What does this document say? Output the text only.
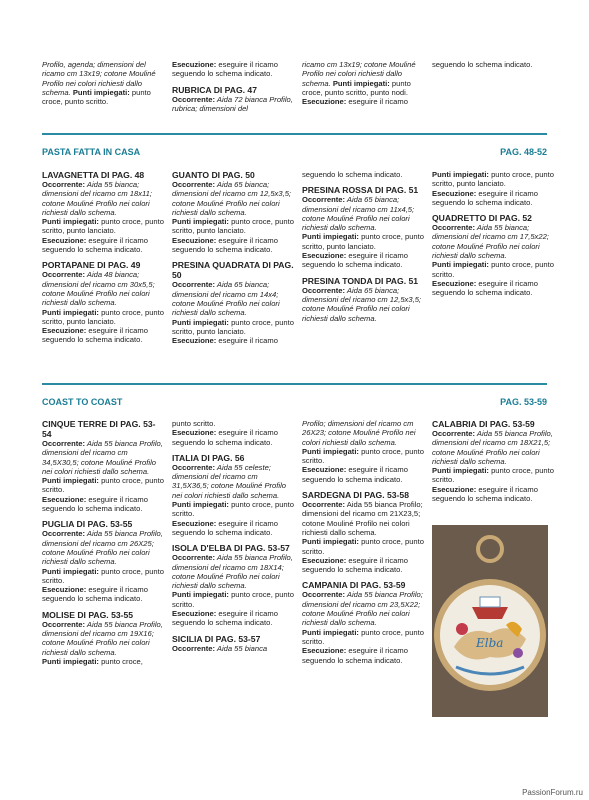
Profilo, agenda; dimensioni del ricamo cm 13x19; cotone Mouliné Profilo nei colori richiesti dallo schema. Punti impiegati: punto croce, punto scritto.

Esecuzione: eseguire il ricamo seguendo lo schema indicato.

RUBRICA DI PAG. 47

Occorrente: Aida 72 bianca Profilo, rubrica; dimensioni del

ricamo cm 13x19; cotone Mouliné Profilo nei colori richiesti dallo schema. Punti impiegati: punto croce, punto scritto, punto nodi. Esecuzione: eseguire il ricamo

seguendo lo schema indicato.

PASTA FATTA IN CASA	PAG. 48-52
LAVAGNETTA DI PAG. 48

Occorrente: Aida 55 bianca; dimensioni del ricamo cm 18x11; cotone Mouliné Profilo nei colori richiesti dallo schema.
Punti impiegati: punto croce, punto scritto, punto lanciato.
Esecuzione: eseguire il ricamo seguendo lo schema indicato.

PORTAPANE DI PAG. 49

Occorrente: Aida 48 bianca; dimensioni del ricamo cm 30x5,5; cotone Mouliné Profilo nei colori richiesti dallo schema.
Punti impiegati: punto croce, punto scritto, punto lanciato.
Esecuzione: eseguire il ricamo seguendo lo schema indicato.

GUANTO DI PAG. 50

Occorrente: Aida 65 bianca; dimensioni del ricamo cm 12,5x3,5; cotone Mouliné Profilo nei colori richiesti dallo schema.
Punti impiegati: punto croce, punto scritto, punto lanciato.
Esecuzione: eseguire il ricamo seguendo lo schema indicato.

PRESINA QUADRATA DI PAG. 50

Occorrente: Aida 65 bianca; dimensioni del ricamo cm 14x4; cotone Mouliné Profilo nei colori richiesti dallo schema.
Punti impiegati: punto croce, punto scritto, punto lanciato.
Esecuzione: eseguire il ricamo

seguendo lo schema indicato.

PRESINA ROSSA DI PAG. 51

Occorrente: Aida 65 bianca; dimensioni del ricamo cm 11x4,5; cotone Mouliné Profilo nei colori richiesti dallo schema.
Punti impiegati: punto croce, punto scritto, punto lanciato.
Esecuzione: eseguire il ricamo seguendo lo schema indicato.

PRESINA TONDA DI PAG. 51

Occorrente: Aida 65 bianca; dimensioni del ricamo cm 12,5x3,5; cotone Mouliné Profilo nei colori richiesti dallo schema.

Punti impiegati: punto croce, punto scritto, punto lanciato.
Esecuzione: eseguire il ricamo seguendo lo schema indicato.

QUADRETTO DI PAG. 52

Occorrente: Aida 55 bianca; dimensioni del ricamo cm 17,5x22; cotone Mouliné Profilo nei colori richiesti dallo schema.
Punti impiegati: punto croce, punto scritto.
Esecuzione: eseguire il ricamo seguendo lo schema indicato.

COAST TO COAST	PAG. 53-59
CINQUE TERRE DI PAG. 53-54

Occorrente: Aida 55 bianca Profilo, dimensioni del ricamo cm 34,5X30,5; cotone Mouliné Profilo nei colori richiesti dallo schema.
Punti impiegati: punto croce, punto scritto.
Esecuzione: eseguire il ricamo seguendo lo schema indicato.

PUGLIA DI PAG. 53-55

Occorrente: Aida 55 bianca Profilo, dimensioni del ricamo cm 26X25; cotone Mouliné Profilo nei colori richiesti dallo schema.
Punti impiegati: punto croce, punto scritto.
Esecuzione: eseguire il ricamo seguendo lo schema indicato.

MOLISE DI PAG. 53-55

Occorrente: Aida 55 bianca Profilo, dimensioni del ricamo cm 19X16; cotone Mouliné Profilo nei colori richiesti dallo schema.
Punti impiegati: punto croce,

punto scritto.
Esecuzione: eseguire il ricamo seguendo lo schema indicato.

ITALIA DI PAG. 56

Occorrente: Aida 55 celeste; dimensioni del ricamo cm 31,5X36,5; cotone Mouliné Profilo nei colori richiesti dallo schema.
Punti impiegati: punto croce, punto scritto.
Esecuzione: eseguire il ricamo seguendo lo schema indicato.

ISOLA D'ELBA DI PAG. 53-57

Occorrente: Aida 55 bianca Profilo, dimensioni del ricamo cm 18X14; cotone Mouliné Profilo nei colori richiesti dallo schema.
Punti impiegati: punto croce, punto scritto.
Esecuzione: eseguire il ricamo seguendo lo schema indicato.

SICILIA DI PAG. 53-57

Occorrente: Aida 55 bianca

Profilo; dimensioni del ricamo cm 26X23; cotone Mouliné Profilo nei colori richiesti dallo schema.
Punti impiegati: punto croce, punto scritto.
Esecuzione: eseguire il ricamo seguendo lo schema indicato.

SARDEGNA DI PAG. 53-58

Occorrente: Aida 55 bianca Profilo; dimensioni del ricamo cm 21X23,5; cotone Mouliné Profilo nei colori richiesti dallo schema.
Punti impiegati: punto croce, punto scritto.
Esecuzione: eseguire il ricamo seguendo lo schema indicato.

CAMPANIA DI PAG. 53-59

Occorrente: Aida 55 bianca Profilo; dimensioni del ricamo cm 23,5X22; cotone Mouliné Profilo nei colori richiesti dallo schema.
Punti impiegati: punto croce, punto scritto.
Esecuzione: eseguire il ricamo seguendo lo schema indicato.

CALABRIA DI PAG. 53-59

Occorrente: Aida 55 bianca Profilo, dimensioni del ricamo cm 18X21,5; cotone Mouliné Profilo nei colori richiesti dallo schema.
Punti impiegati: punto croce, punto scritto.
Esecuzione: eseguire il ricamo seguendo lo schema indicato.

Elba
PassionForum.ru
